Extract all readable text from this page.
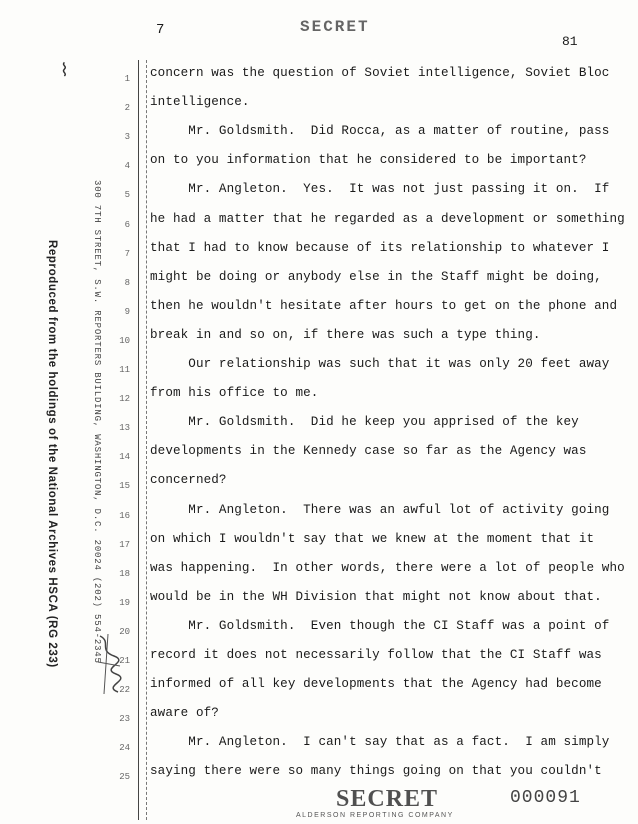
7	SECRET
81
⌇
Reproduced from the holdings of the National Archives HSCA (RG 233)	300 7TH STREET, S.W. REPORTERS BUILDING, WASHINGTON, D.C. 20024 (202) 554-2345
1 concern was the question of Soviet intelligence, Soviet Bloc
2 intelligence.
3 Mr. Goldsmith.  Did Rocca, as a matter of routine, pass
4 on to you information that he considered to be important?
5 Mr. Angleton.  Yes.  It was not just passing it on.  If
6 he had a matter that he regarded as a development or something
7 that I had to know because of its relationship to whatever I
8 might be doing or anybody else in the Staff might be doing,
9 then he wouldn't hesitate after hours to get on the phone and
10 break in and so on, if there was such a type thing.
11 Our relationship was such that it was only 20 feet away
12 from his office to me.
13 Mr. Goldsmith.  Did he keep you apprised of the key
14 developments in the Kennedy case so far as the Agency was
15 concerned?
16 Mr. Angleton.  There was an awful lot of activity going
17 on which I wouldn't say that we knew at the moment that it
18 was happening.  In other words, there were a lot of people who
19 would be in the WH Division that might not know about that.
20 Mr. Goldsmith.  Even though the CI Staff was a point of
21 record it does not necessarily follow that the CI Staff was
22 informed of all key developments that the Agency had become
23 aware of?
24 Mr. Angleton.  I can't say that as a fact.  I am simply
25 saying there were so many things going on that you couldn't
SECRET	000091
ALDERSON REPORTING COMPANY
